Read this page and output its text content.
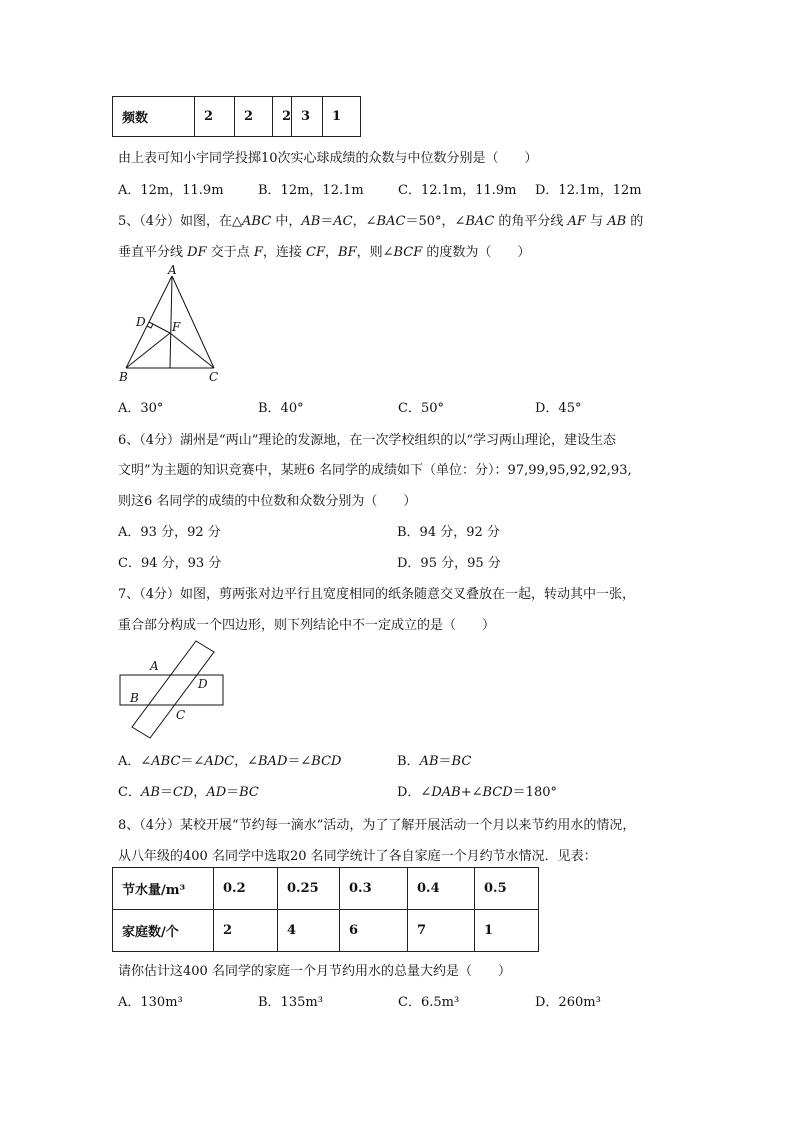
频数	2	2	2	3	1
由上表可知小宇同学投掷10次实心球成绩的众数与中位数分别是（　　）
A．12m，11.9m	B．12m，12.1m	C．12.1m，11.9m D．12.1m，12m
5、（4分）如图，在△ABC 中，AB＝AC，∠BAC＝50°，∠BAC 的角平分线 AF 与 AB 的
垂直平分线 DF 交于点 F，连接 CF，BF，则∠BCF 的度数为（　　）
A
D F
B	C
A．30°	B．40°	C．50°	D．45°
6、（4分）湖州是“两山”理论的发源地，在一次学校组织的以“学习两山理论，建设生态
文明”为主题的知识竞赛中，某班6 名同学的成绩如下（单位：分）：97,99,95,92,92,93,
则这6 名同学的成绩的中位数和众数分别为（　　）
A．93 分，92 分	B．94 分，92 分
C．94 分，93 分	D．95 分，95 分
7、（4分）如图，剪两张对边平行且宽度相同的纸条随意交叉叠放在一起，转动其中一张，
重合部分构成一个四边形，则下列结论中不一定成立的是（　　）
A
D
B
C
A．∠ABC＝∠ADC，∠BAD＝∠BCD	B．AB＝BC
C．AB＝CD，AD＝BC	D．∠DAB+∠BCD＝180°
8、（4分）某校开展“节约每一滴水”活动，为了了解开展活动一个月以来节约用水的情况，
从八年级的400 名同学中选取20 名同学统计了各自家庭一个月约节水情况．见表：
节水量/m³	0.2	0.25	0.3	0.4	0.5
家庭数/个	2	4	6	7	1
请你估计这400 名同学的家庭一个月节约用水的总量大约是（　　）
A．130m³	B．135m³	C．6.5m³	D．260m³
